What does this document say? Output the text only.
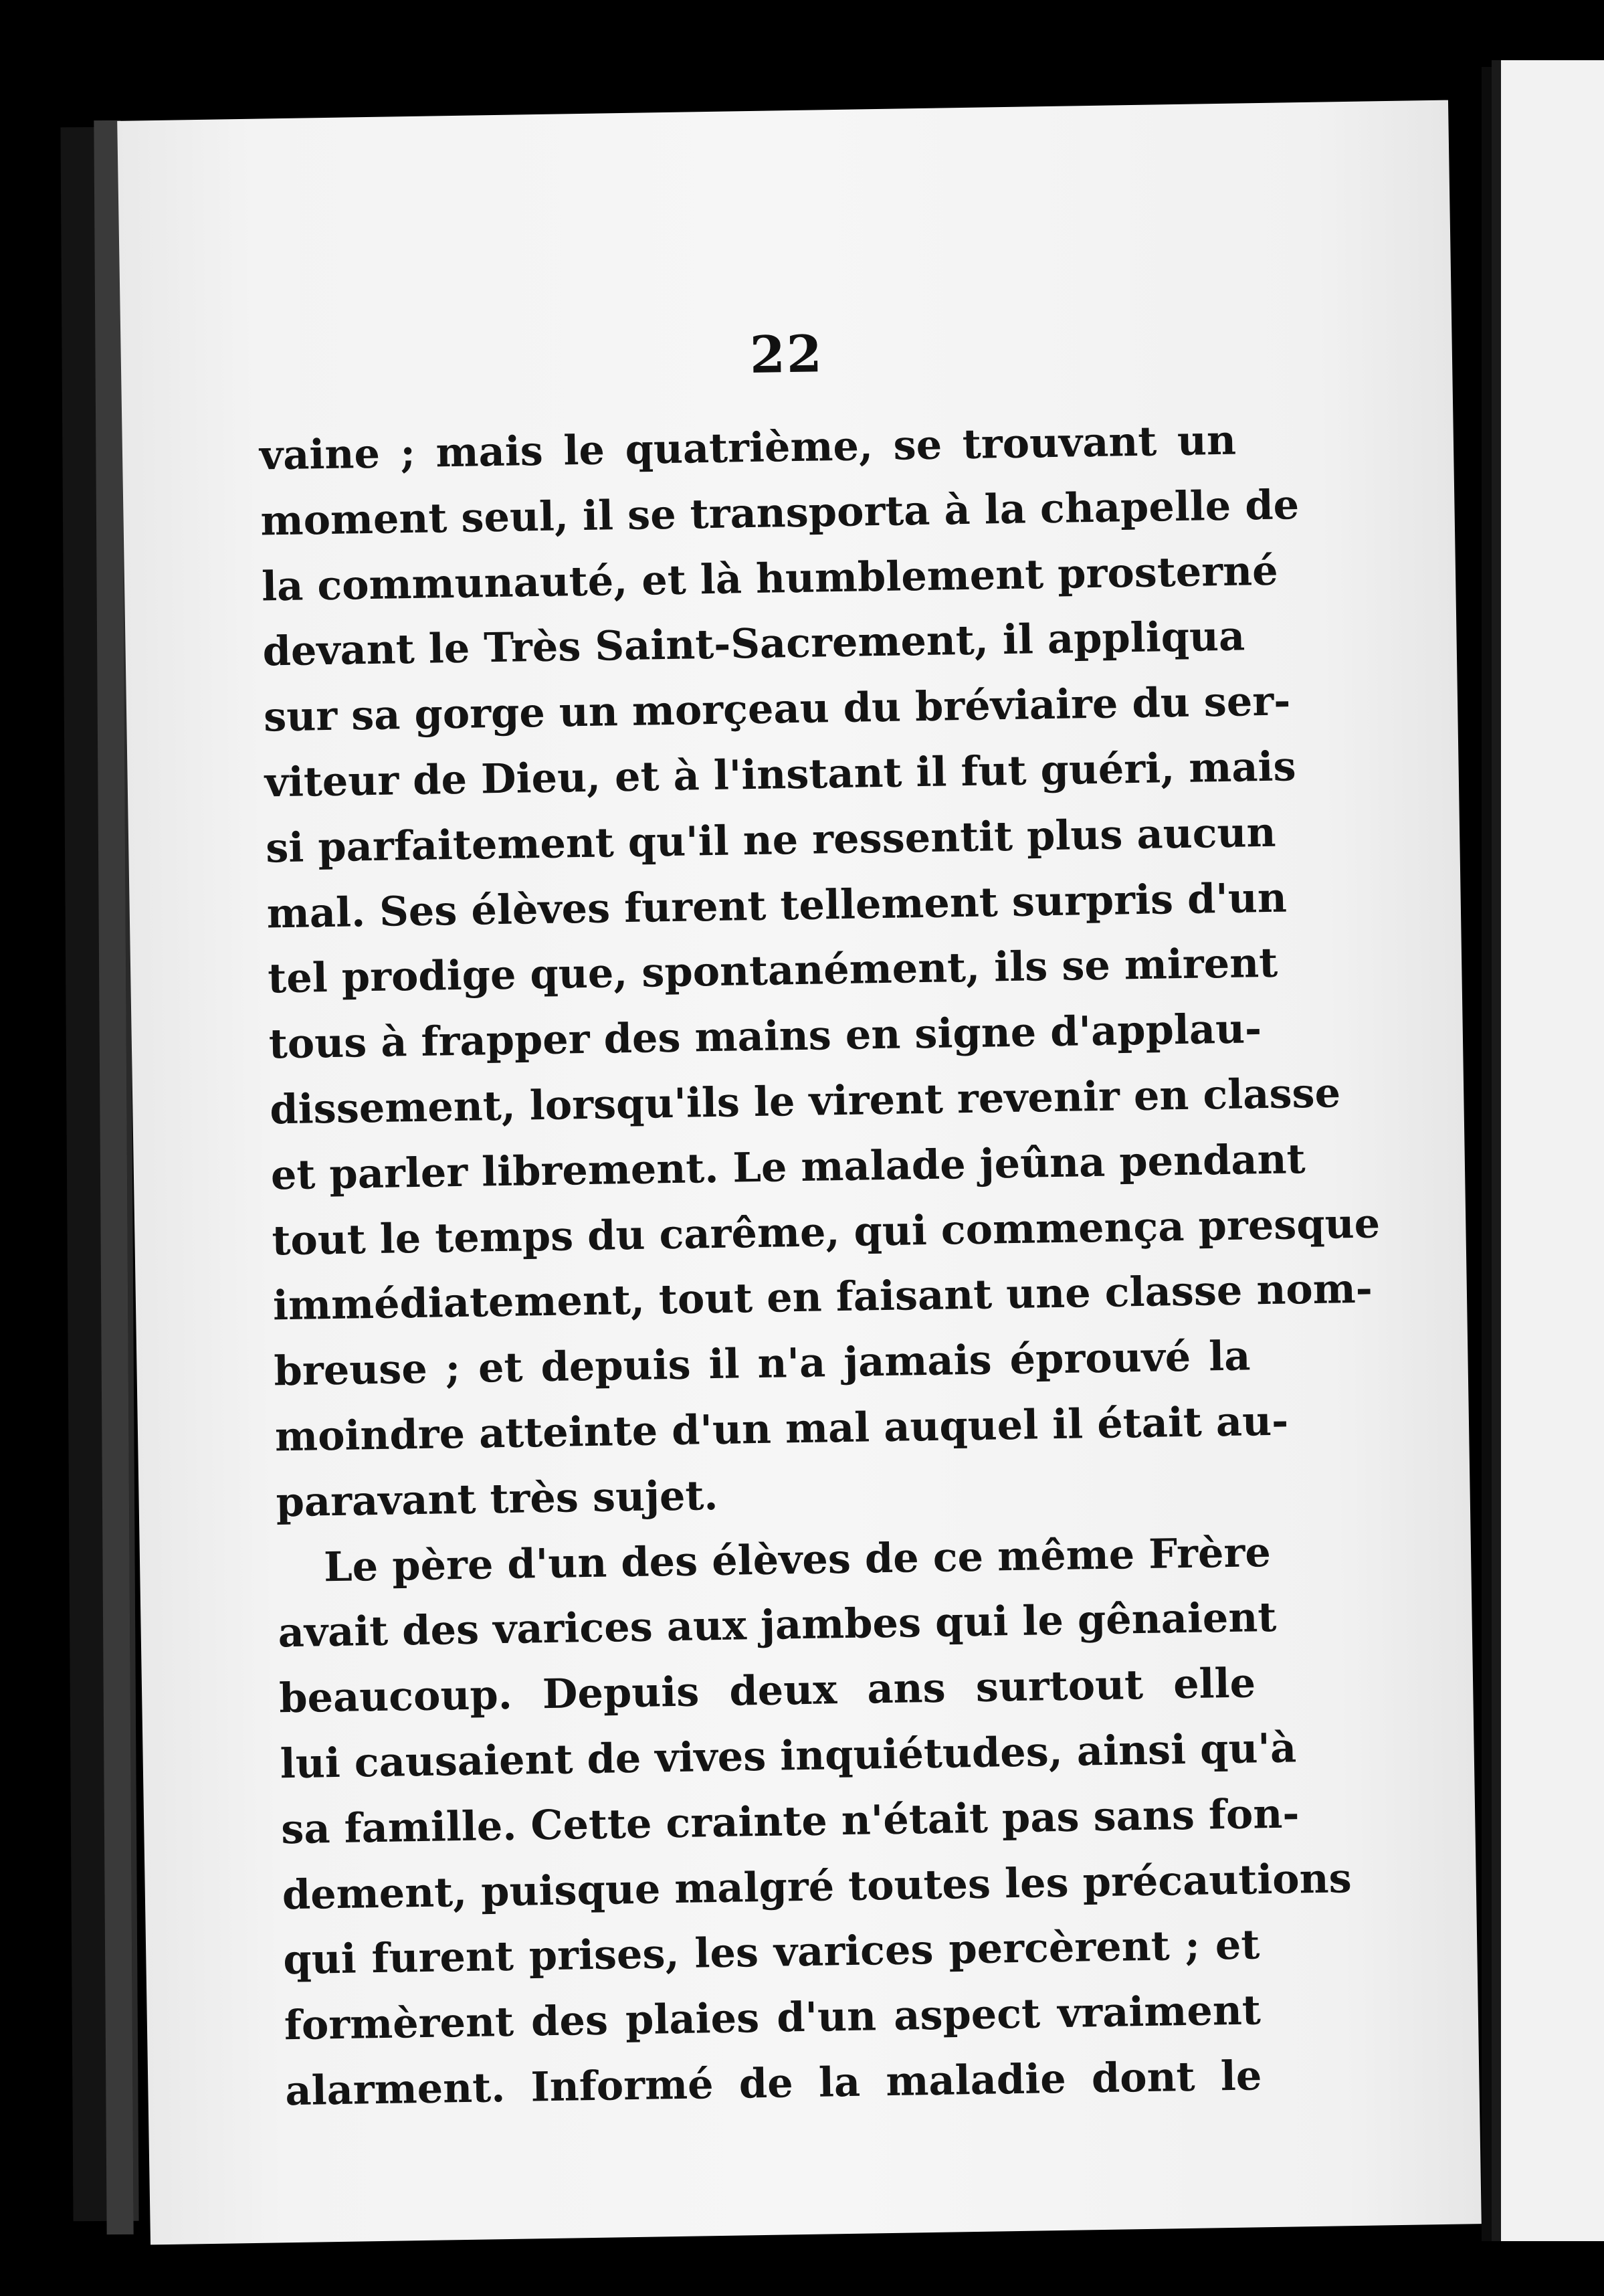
22
vaine ; mais le quatrième, se trouvant un
moment seul, il se transporta à la chapelle de
la communauté, et là humblement prosterné
devant le Très Saint-Sacrement, il appliqua
sur sa gorge un morçeau du bréviaire du ser-
viteur de Dieu, et à l'instant il fut guéri, mais
si parfaitement qu'il ne ressentit plus aucun
mal. Ses élèves furent tellement surpris d'un
tel prodige que, spontanément, ils se mirent
tous à frapper des mains en signe d'applau-
dissement, lorsqu'ils le virent revenir en classe
et parler librement. Le malade jeûna pendant
tout le temps du carême, qui commença presque
immédiatement, tout en faisant une classe nom-
breuse ; et depuis il n'a jamais éprouvé la
moindre atteinte d'un mal auquel il était au-
paravant très sujet.
Le père d'un des élèves de ce même Frère
avait des varices aux jambes qui le gênaient
beaucoup. Depuis deux ans surtout elle
lui causaient de vives inquiétudes, ainsi qu'à
sa famille. Cette crainte n'était pas sans fon-
dement, puisque malgré toutes les précautions
qui furent prises, les varices percèrent ; et
formèrent des plaies d'un aspect vraiment
alarment. Informé de la maladie dont le
